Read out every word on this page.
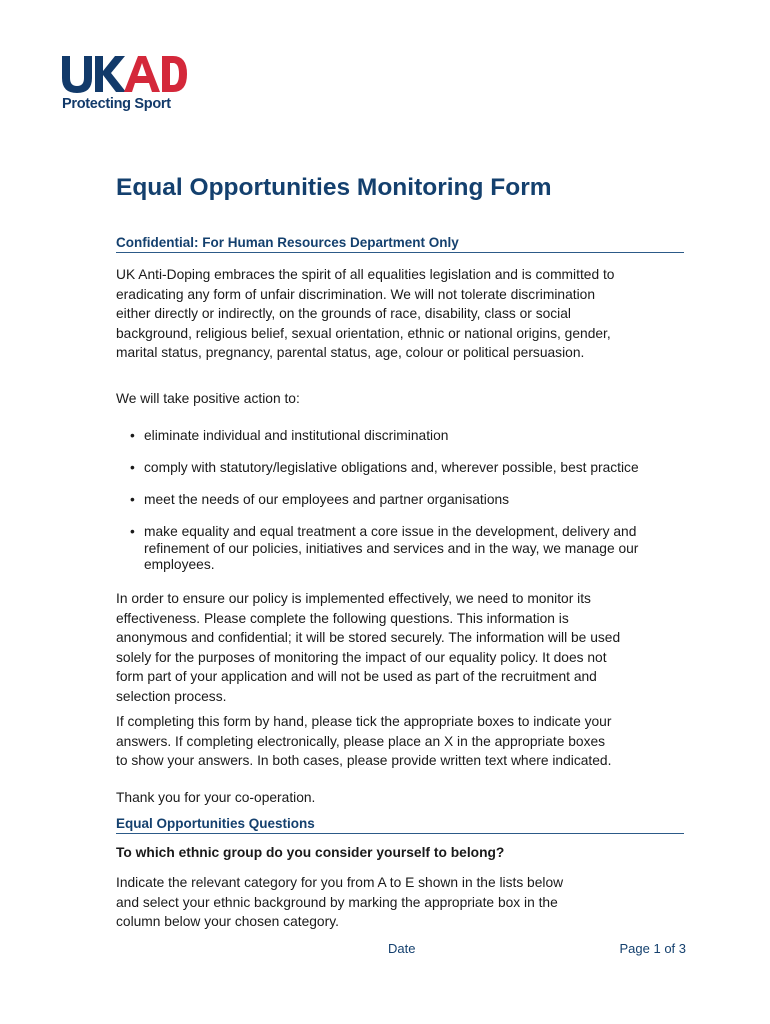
Protecting Sport
Equal Opportunities Monitoring Form
Confidential: For Human Resources Department Only
UK Anti-Doping embraces the spirit of all equalities legislation and is committed to
eradicating any form of unfair discrimination. We will not tolerate discrimination
either directly or indirectly, on the grounds of race, disability, class or social
background, religious belief, sexual orientation, ethnic or national origins, gender,
marital status, pregnancy, parental status, age, colour or political persuasion.
We will take positive action to:
• eliminate individual and institutional discrimination
• comply with statutory/legislative obligations and, wherever possible, best practice
• meet the needs of our employees and partner organisations
• make equality and equal treatment a core issue in the development, delivery and refinement of our policies, initiatives and services and in the way, we manage our employees.
In order to ensure our policy is implemented effectively, we need to monitor its
effectiveness. Please complete the following questions. This information is
anonymous and confidential; it will be stored securely. The information will be used
solely for the purposes of monitoring the impact of our equality policy. It does not
form part of your application and will not be used as part of the recruitment and
selection process.
If completing this form by hand, please tick the appropriate boxes to indicate your
answers. If completing electronically, please place an X in the appropriate boxes
to show your answers. In both cases, please provide written text where indicated.
Thank you for your co-operation.
Equal Opportunities Questions
To which ethnic group do you consider yourself to belong?
Indicate the relevant category for you from A to E shown in the lists below
and select your ethnic background by marking the appropriate box in the
column below your chosen category.
Date	Page 1 of 3
